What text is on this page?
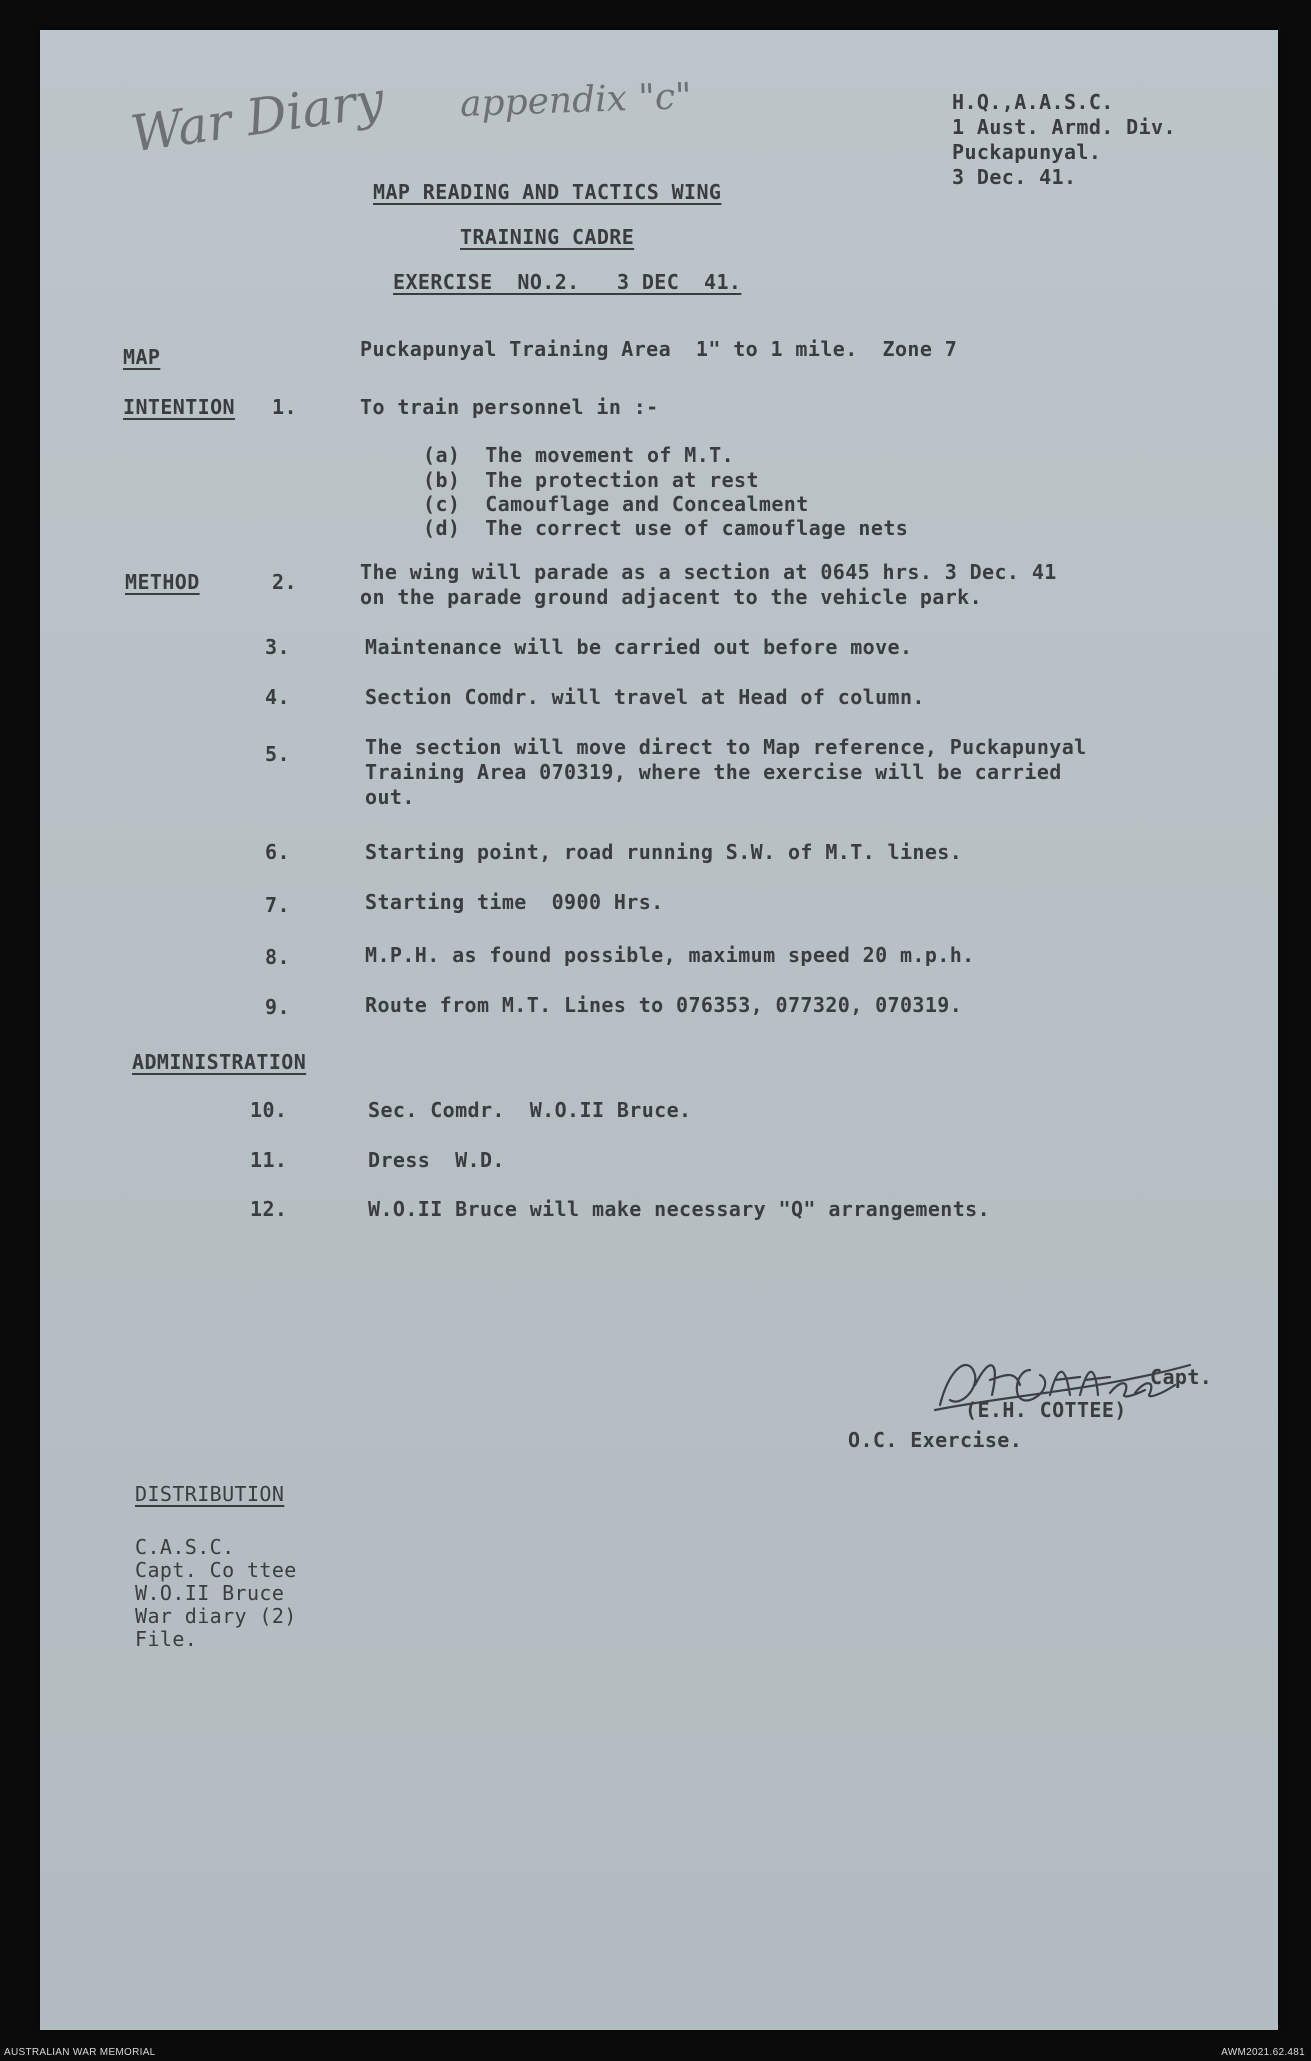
War Diary appendix "c"	H.Q.,A.A.S.C.
1 Aust. Armd. Div.
Puckapunyal.
3 Dec. 41.
MAP READING AND TACTICS WING
TRAINING CADRE
EXERCISE  NO.2.   3 DEC  41.
MAP	Puckapunyal Training Area  1" to 1 mile.  Zone 7
INTENTION 1.	To train personnel in :-
(a)  The movement of M.T.
(b)  The protection at rest
(c)  Camouflage and Concealment
(d)  The correct use of camouflage nets
METHOD	2.	The wing will parade as a section at 0645 hrs. 3 Dec. 41
on the parade ground adjacent to the vehicle park.
3.	Maintenance will be carried out before move.
4.	Section Comdr. will travel at Head of column.
5.	The section will move direct to Map reference, Puckapunyal
Training Area 070319, where the exercise will be carried
out.
6.	Starting point, road running S.W. of M.T. lines.
7.	Starting time  0900 Hrs.
8.	M.P.H. as found possible, maximum speed 20 m.p.h.
9.	Route from M.T. Lines to 076353, 077320, 070319.
ADMINISTRATION
10.	Sec. Comdr.  W.O.II Bruce.
11.	Dress  W.D.
12.	W.O.II Bruce will make necessary "Q" arrangements.
Capt.
(E.H. COTTEE)
O.C. Exercise.
DISTRIBUTION
C.A.S.C.
Capt. Co ttee
W.O.II Bruce
War diary (2)
File.
AUSTRALIAN WAR MEMORIAL	AWM2021.62.481
